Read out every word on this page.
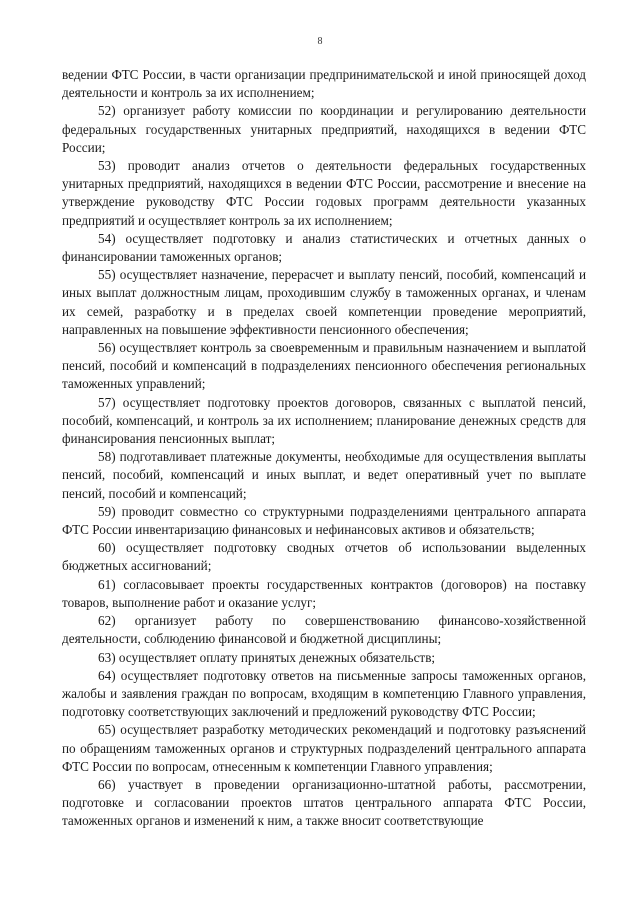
8

ведении ФТС России, в части организации предпринимательской и иной приносящей доход деятельности и контроль за их исполнением;

52) организует работу комиссии по координации и регулированию деятельности федеральных государственных унитарных предприятий, находящихся в ведении ФТС России;

53) проводит анализ отчетов о деятельности федеральных государственных унитарных предприятий, находящихся в ведении ФТС России, рассмотрение и внесение на утверждение руководству ФТС России годовых программ деятельности указанных предприятий и осуществляет контроль за их исполнением;

54) осуществляет подготовку и анализ статистических и отчетных данных о финансировании таможенных органов;

55) осуществляет назначение, перерасчет и выплату пенсий, пособий, компенсаций и иных выплат должностным лицам, проходившим службу в таможенных органах, и членам их семей, разработку и в пределах своей компетенции проведение мероприятий, направленных на повышение эффективности пенсионного обеспечения;

56) осуществляет контроль за своевременным и правильным назначением и выплатой пенсий, пособий и компенсаций в подразделениях пенсионного обеспечения региональных таможенных управлений;

57) осуществляет подготовку проектов договоров, связанных с выплатой пенсий, пособий, компенсаций, и контроль за их исполнением; планирование денежных средств для финансирования пенсионных выплат;

58) подготавливает платежные документы, необходимые для осуществления выплаты пенсий, пособий, компенсаций и иных выплат, и ведет оперативный учет по выплате пенсий, пособий и компенсаций;

59) проводит совместно со структурными подразделениями центрального аппарата ФТС России инвентаризацию финансовых и нефинансовых активов и обязательств;

60) осуществляет подготовку сводных отчетов об использовании выделенных бюджетных ассигнований;

61) согласовывает проекты государственных контрактов (договоров) на поставку товаров, выполнение работ и оказание услуг;

62) организует работу по совершенствованию финансово-хозяйственной деятельности, соблюдению финансовой и бюджетной дисциплины;

63) осуществляет оплату принятых денежных обязательств;

64) осуществляет подготовку ответов на письменные запросы таможенных органов, жалобы и заявления граждан по вопросам, входящим в компетенцию Главного управления, подготовку соответствующих заключений и предложений руководству ФТС России;

65) осуществляет разработку методических рекомендаций и подготовку разъяснений по обращениям таможенных органов и структурных подразделений центрального аппарата ФТС России по вопросам, отнесенным к компетенции Главного управления;

66) участвует в проведении организационно-штатной работы, рассмотрении, подготовке и согласовании проектов штатов центрального аппарата ФТС России, таможенных органов и изменений к ним, а также вносит соответствующие
